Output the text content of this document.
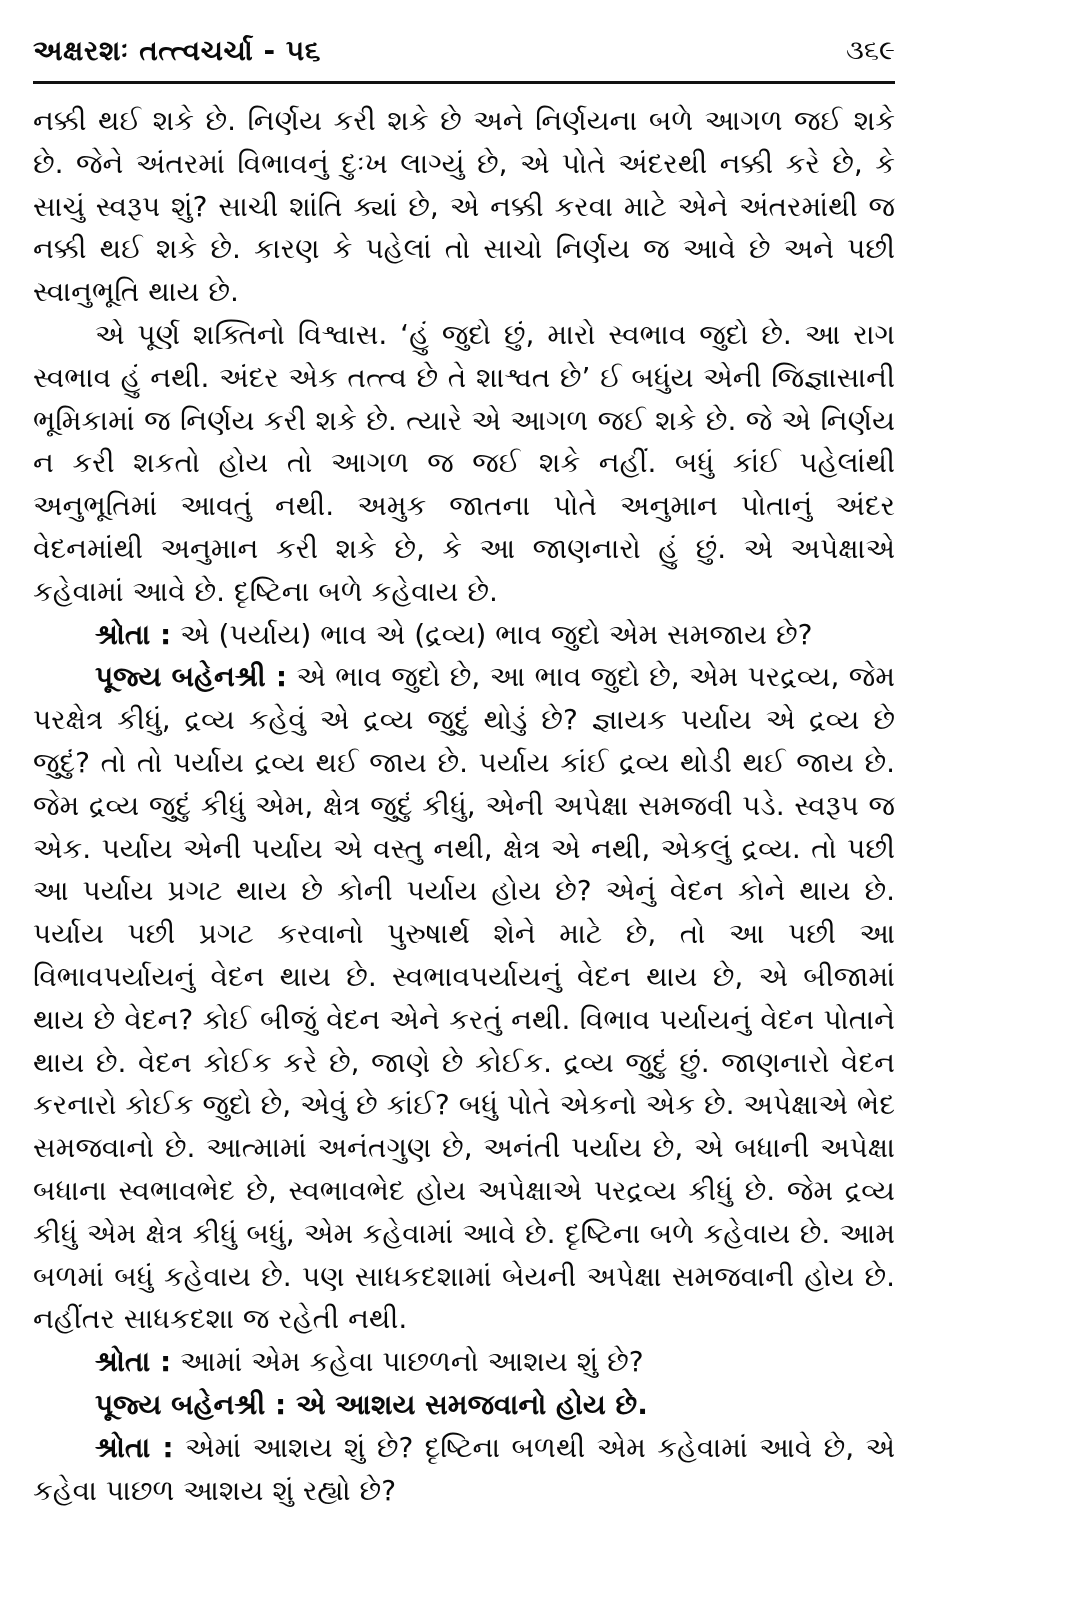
અક્ષરશઃ તત્ત્વચર્ચા - ૫૬	૩૬૯

નક્કી થઈ શકે છે. નિર્ણય કરી શકે છે અને નિર્ણયના બળે આગળ જઈ શકે છે. જેને અંતરમાં વિભાવનું દુઃખ લાગ્યું છે, એ પોતે અંદરથી નક્કી કરે છે, કે સાચું સ્વરૂપ શું? સાચી શાંતિ ક્યાં છે, એ નક્કી કરવા માટે એને અંતરમાંથી જ નક્કી થઈ શકે છે. કારણ કે પહેલાં તો સાચો નિર્ણય જ આવે છે અને પછી સ્વાનુભૂતિ થાય છે.

એ પૂર્ણ શક્તિનો વિશ્વાસ. ‘હું જુદો છું, મારો સ્વભાવ જુદો છે. આ રાગ સ્વભાવ હું નથી. અંદર એક તત્ત્વ છે તે શાશ્વત છે’ ઈ બધુંય એની જિજ્ઞાસાની ભૂમિકામાં જ નિર્ણય કરી શકે છે. ત્યારે એ આગળ જઈ શકે છે. જે એ નિર્ણય ન કરી શકતો હોય તો આગળ જ જઈ શકે નહીં. બધું કાંઈ પહેલાંથી અનુભૂતિમાં આવતું નથી. અમુક જાતના પોતે અનુમાન પોતાનું અંદર વેદનમાંથી અનુમાન કરી શકે છે, કે આ જાણનારો હું છું. એ અપેક્ષાએ કહેવામાં આવે છે. દૃષ્ટિના બળે કહેવાય છે.

શ્રોતા : એ (પર્યાય) ભાવ એ (દ્રવ્ય) ભાવ જુદો એમ સમજાય છે?

પૂજ્ય બહેનશ્રી : એ ભાવ જુદો છે, આ ભાવ જુદો છે, એમ પરદ્રવ્ય, જેમ પરક્ષેત્ર કીધું, દ્રવ્ય કહેવું એ દ્રવ્ય જુદું થોડું છે? જ્ઞાયક પર્યાય એ દ્રવ્ય છે જુદું? તો તો પર્યાય દ્રવ્ય થઈ જાય છે. પર્યાય કાંઈ દ્રવ્ય થોડી થઈ જાય છે. જેમ દ્રવ્ય જુદું કીધું એમ, ક્ષેત્ર જુદું કીધું, એની અપેક્ષા સમજવી પડે. સ્વરૂપ જ એક. પર્યાય એની પર્યાય એ વસ્તુ નથી, ક્ષેત્ર એ નથી, એકલું દ્રવ્ય. તો પછી આ પર્યાય પ્રગટ થાય છે કોની પર્યાય હોય છે? એનું વેદન કોને થાય છે. પર્યાય પછી પ્રગટ કરવાનો પુરુષાર્થ શેને માટે છે, તો આ પછી આ વિભાવપર્યાયનું વેદન થાય છે. સ્વભાવપર્યાયનું વેદન થાય છે, એ બીજામાં થાય છે વેદન? કોઈ બીજું વેદન એને કરતું નથી. વિભાવ પર્યાયનું વેદન પોતાને થાય છે. વેદન કોઈક કરે છે, જાણે છે કોઈક. દ્રવ્ય જુદું છું. જાણનારો વેદન કરનારો કોઈક જુદો છે, એવું છે કાંઈ? બધું પોતે એકનો એક છે. અપેક્ષાએ ભેદ સમજવાનો છે. આત્મામાં અનંતગુણ છે, અનંતી પર્યાય છે, એ બધાની અપેક્ષા બધાના સ્વભાવભેદ છે, સ્વભાવભેદ હોય અપેક્ષાએ પરદ્રવ્ય કીધું છે. જેમ દ્રવ્ય કીધું એમ ક્ષેત્ર કીધું બધું, એમ કહેવામાં આવે છે. દૃષ્ટિના બળે કહેવાય છે. આમ બળમાં બધું કહેવાય છે. પણ સાધકદશામાં બેયની અપેક્ષા સમજવાની હોય છે. નહીંતર સાધકદશા જ રહેતી નથી.

શ્રોતા : આમાં એમ કહેવા પાછળનો આશય શું છે?

પૂજ્ય બહેનશ્રી : એ આશય સમજવાનો હોય છે.

શ્રોતા : એમાં આશય શું છે? દૃષ્ટિના બળથી એમ કહેવામાં આવે છે, એ કહેવા પાછળ આશય શું રહ્યો છે?
